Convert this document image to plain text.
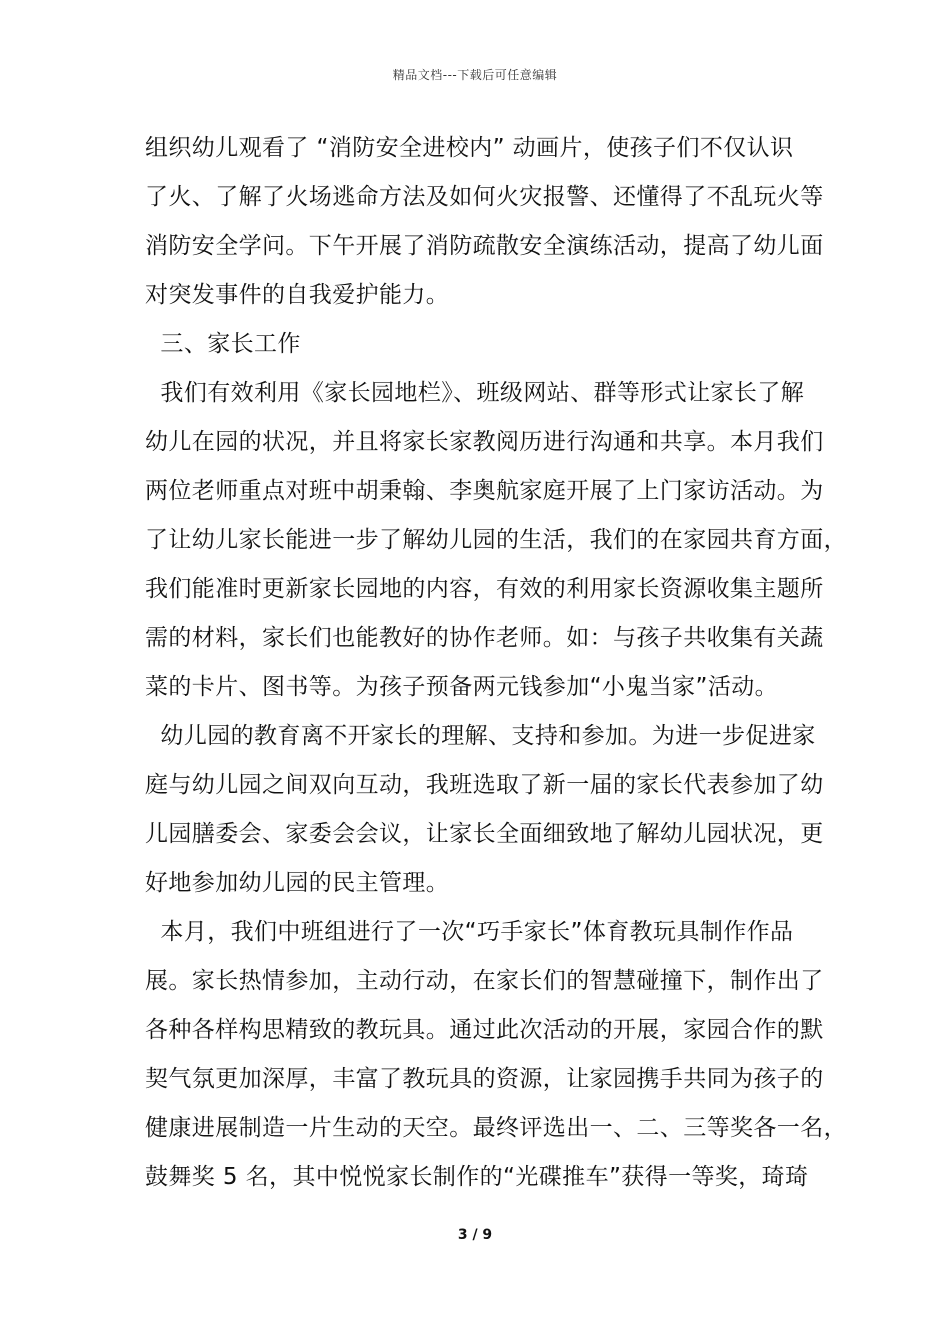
精品文档---下载后可任意编辑
组织幼儿观看了 “消防安全进校内” 动画片，使孩子们不仅认识
了火、了解了火场逃命方法及如何火灾报警、还懂得了不乱玩火等
消防安全学问。下午开展了消防疏散安全演练活动，提高了幼儿面
对突发事件的自我爱护能力。
三、家长工作
我们有效利用《家长园地栏》、班级网站、群等形式让家长了解
幼儿在园的状况，并且将家长家教阅历进行沟通和共享。本月我们
两位老师重点对班中胡秉翰、李奥航家庭开展了上门家访活动。为
了让幼儿家长能进一步了解幼儿园的生活，我们的在家园共育方面，
我们能准时更新家长园地的内容，有效的利用家长资源收集主题所
需的材料，家长们也能教好的协作老师。如：与孩子共收集有关蔬
菜的卡片、图书等。为孩子预备两元钱参加“小鬼当家”活动。
幼儿园的教育离不开家长的理解、支持和参加。为进一步促进家
庭与幼儿园之间双向互动，我班选取了新一届的家长代表参加了幼
儿园膳委会、家委会会议，让家长全面细致地了解幼儿园状况，更
好地参加幼儿园的民主管理。
本月，我们中班组进行了一次“巧手家长”体育教玩具制作作品
展。家长热情参加，主动行动，在家长们的智慧碰撞下，制作出了
各种各样构思精致的教玩具。通过此次活动的开展，家园合作的默
契气氛更加深厚，丰富了教玩具的资源，让家园携手共同为孩子的
健康进展制造一片生动的天空。最终评选出一、二、三等奖各一名，
鼓舞奖 5 名，其中悦悦家长制作的“光碟推车”获得一等奖，琦琦
3 / 9
